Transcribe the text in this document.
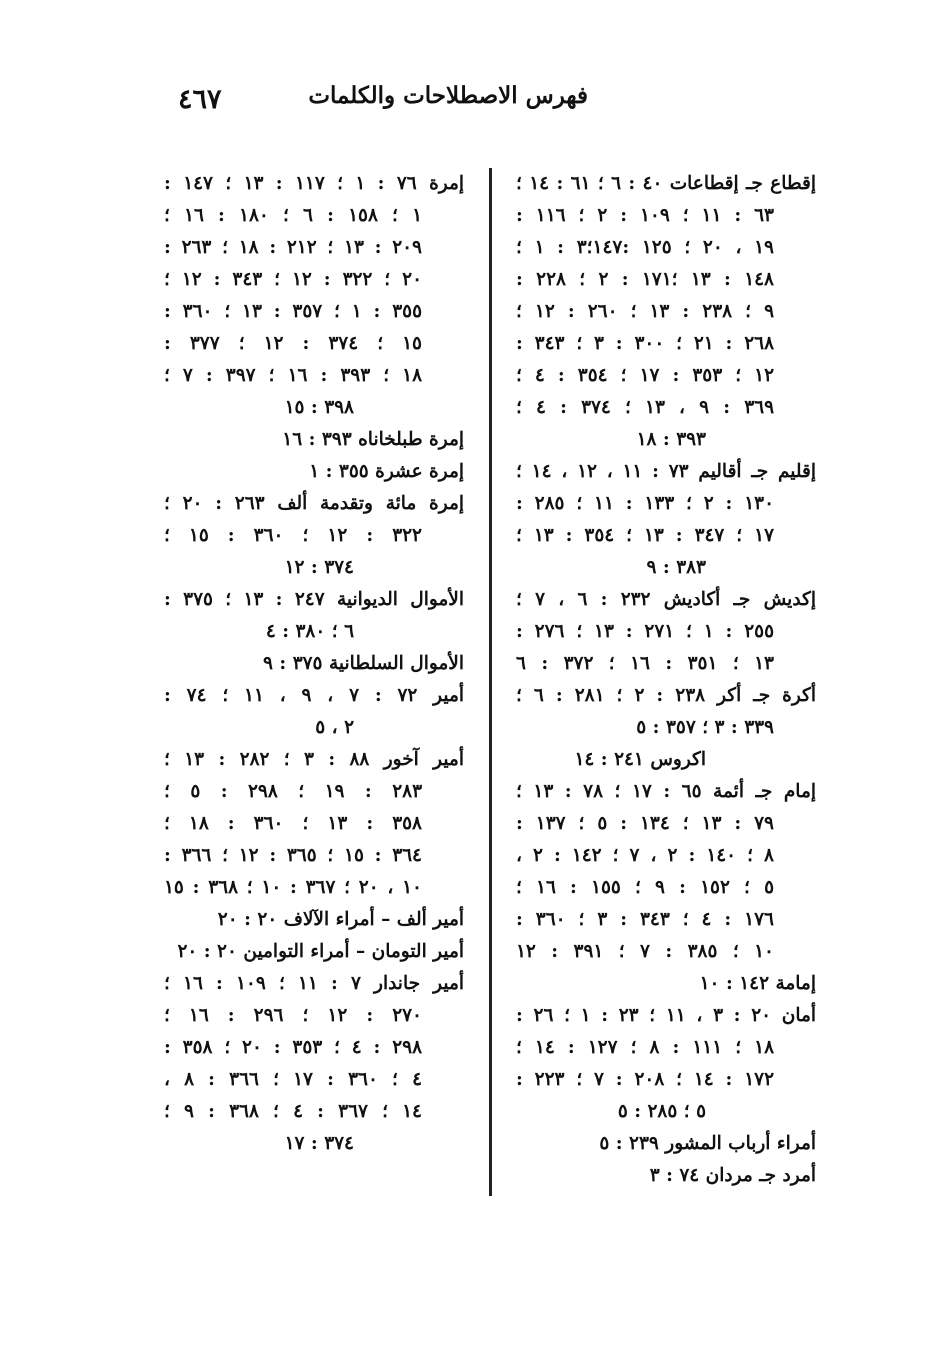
٤٦٧	فهرس الاصطلاحات والكلمات
إقطاع جـ إقطاعات ٤٠ : ٦ ؛ ٦١ : ١٤ ؛
٦٣ : ١١ ؛ ١٠٩ : ٢ ؛ ١١٦ :
١٩ ، ٢٠ ؛ ١٢٥ :١٤٧؛٣ : ١ ؛
١٤٨ : ١٣ ؛١٧١ : ٢ ؛ ٢٢٨ :
٩ ؛ ٢٣٨ : ١٣ ؛ ٢٦٠ : ١٢ ؛
٢٦٨ : ٢١ ؛ ٣٠٠ : ٣ ؛ ٣٤٣ :
١٢ ؛ ٣٥٣ : ١٧ ؛ ٣٥٤ : ٤ ؛
٣٦٩ : ٩ ، ١٣ ؛ ٣٧٤ : ٤ ؛
٣٩٣ : ١٨
إقليم جـ أقاليم ٧٣ : ١١ ، ١٢ ، ١٤ ؛
١٣٠ : ٢ ؛ ١٣٣ : ١١ ؛ ٢٨٥ :
١٧ ؛ ٣٤٧ : ١٣ ؛ ٣٥٤ : ١٣ ؛
٣٨٣ : ٩
إكديش جـ أكاديش ٢٣٢ : ٦ ، ٧ ؛
٢٥٥ : ١ ؛ ٢٧١ : ١٣ ؛ ٢٧٦ :
١٣ ؛ ٣٥١ : ١٦ ؛ ٣٧٢ : ٦
أكرة جـ أكر ٢٣٨ : ٢ ؛ ٢٨١ : ٦ ؛
٣٣٩ : ٣ ؛ ٣٥٧ : ٥
اكروس ٢٤١ : ١٤
إمام جـ أئمة ٦٥ : ١٧ ؛ ٧٨ : ١٣ ؛
٧٩ : ١٣ ؛ ١٣٤ : ٥ ؛ ١٣٧ :
٨ ؛ ١٤٠ : ٢ ، ٧ ؛ ١٤٢ : ٢ ،
٥ ؛ ١٥٢ : ٩ ؛ ١٥٥ : ١٦ ؛
١٧٦ : ٤ ؛ ٣٤٣ : ٣ ؛ ٣٦٠ :
١٠ ؛ ٣٨٥ : ٧ ؛ ٣٩١ : ١٢
إمامة ١٤٢ : ١٠
أمان ٢٠ : ٣ ، ١١ ؛ ٢٣ : ١ ؛ ٢٦ :
١٨ ؛ ١١١ : ٨ ؛ ١٢٧ : ١٤ ؛
١٧٢ : ١٤ ؛ ٢٠٨ : ٧ ؛ ٢٢٣ :
٥ ؛ ٢٨٥ : ٥
أمراء أرباب المشور ٢٣٩ : ٥
أمرد جـ مردان ٧٤ : ٣
إمرة ٧٦ : ١ ؛ ١١٧ : ١٣ ؛ ١٤٧ :
١ ؛ ١٥٨ : ٦ ؛ ١٨٠ : ١٦ ؛
٢٠٩ : ١٣ ؛ ٢١٢ : ١٨ ؛ ٢٦٣ :
٢٠ ؛ ٣٢٢ : ١٢ ؛ ٣٤٣ : ١٢ ؛
٣٥٥ : ١ ؛ ٣٥٧ : ١٣ ؛ ٣٦٠ :
١٥ ؛ ٣٧٤ : ١٢ ؛ ٣٧٧ :
١٨ ؛ ٣٩٣ : ١٦ ؛ ٣٩٧ : ٧ ؛
٣٩٨ : ١٥
إمرة طبلخاناه ٣٩٣ : ١٦
إمرة عشرة ٣٥٥ : ١
إمرة مائة وتقدمة ألف ٢٦٣ : ٢٠ ؛
٣٢٢ : ١٢ ؛ ٣٦٠ : ١٥ ؛
٣٧٤ : ١٢
الأموال الديوانية ٢٤٧ : ١٣ ؛ ٣٧٥ :
٦ ؛ ٣٨٠ : ٤
الأموال السلطانية ٣٧٥ : ٩
أمير ٧٢ : ٧ ، ٩ ، ١١ ؛ ٧٤ :
٢ ، ٥
أمير آخور ٨٨ : ٣ ؛ ٢٨٢ : ١٣ ؛
٢٨٣ : ١٩ ؛ ٢٩٨ : ٥ ؛
٣٥٨ : ١٣ ؛ ٣٦٠ : ١٨ ؛
٣٦٤ : ١٥ ؛ ٣٦٥ : ١٢ ؛ ٣٦٦ :
١٠ ، ٢٠ ؛ ٣٦٧ : ١٠ ؛ ٣٦٨ : ١٥
أمير ألف – أمراء الآلاف ٢٠ : ٢٠
أمير التومان – أمراء التوامين ٢٠ : ٢٠
أمير جاندار ٧ : ١١ ؛ ١٠٩ : ١٦ ؛
٢٧٠ : ١٢ ؛ ٢٩٦ : ١٦ ؛
٢٩٨ : ٤ ؛ ٣٥٣ : ٢٠ ؛ ٣٥٨ :
٤ ؛ ٣٦٠ : ١٧ ؛ ٣٦٦ : ٨ ،
١٤ ؛ ٣٦٧ : ٤ ؛ ٣٦٨ : ٩ ؛
٣٧٤ : ١٧
